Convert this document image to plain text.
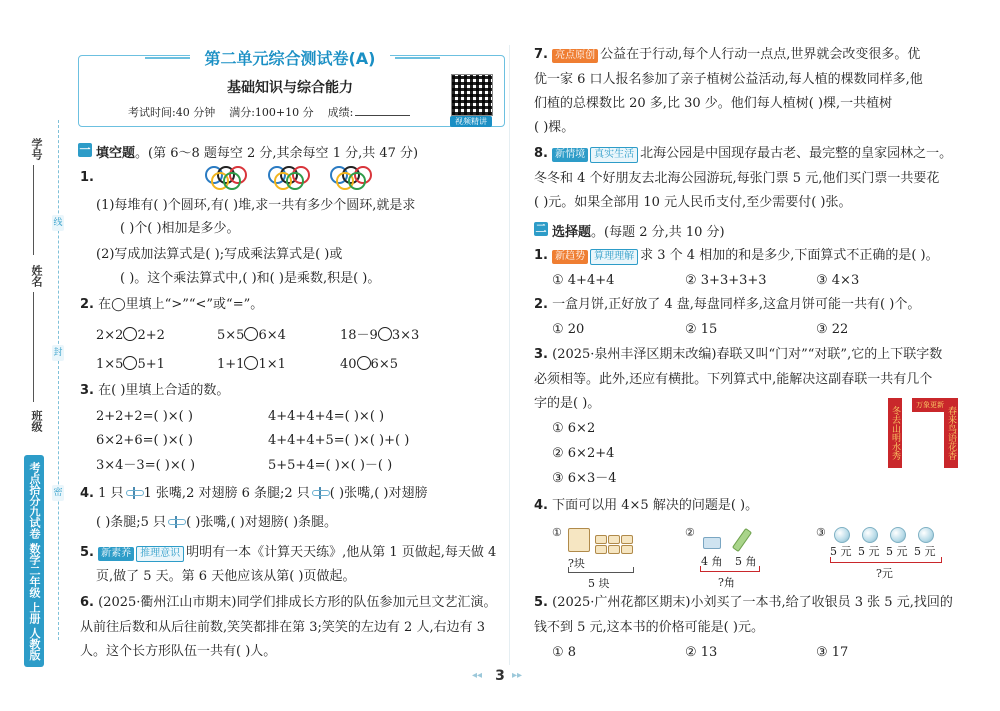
学号
姓名
班级
线
封
密
考点拾分九试卷 数学二年级 上册 人教版
第二单元综合测试卷(A)
基础知识与综合能力
考试时间:40 分钟 满分:100+10 分 成绩:
视频精讲
一 填空题。(第 6～8 题每空 2 分,其余每空 1 分,共 47 分)
1.
(1)每堆有( )个圆环,有( )堆,求一共有多少个圆环,就是求
( )个( )相加是多少。
(2)写成加法算式是( );写成乘法算式是( )或
( )。这个乘法算式中,( )和( )是乘数,积是( )。
2. 在◯里填上“>”“<”或“=”。
2×2 2+2	5×5 6×4	18－9 3×3
1×5 5+1	1+1 1×1	40 6×5
3. 在( )里填上合适的数。
2+2+2=( )×( )	4+4+4+4=( )×( )
6×2+6=( )×( )	4+4+4+5=( )×( )+( )
3×4－3=( )×( )	5+5+4=( )×( )－( )
4. 1 只 1 张嘴,2 对翅膀 6 条腿;2 只 ( )张嘴,( )对翅膀
( )条腿;5 只 ( )张嘴,( )对翅膀( )条腿。
5. 新素养 推理意识 明明有一本《计算天天练》,他从第 1 页做起,每天做 4
页,做了 5 天。第 6 天他应该从第( )页做起。
6. (2025·衢州江山市期末)同学们排成长方形的队伍参加元旦文艺汇演。
从前往后数和从后往前数,笑笑都排在第 3;笑笑的左边有 2 人,右边有 3
人。这个长方形队伍一共有( )人。
7. 亮点原创 公益在于行动,每个人行动一点点,世界就会改变很多。优
优一家 6 口人报名参加了亲子植树公益活动,每人植的棵数同样多,他
们植的总棵数比 20 多,比 30 少。他们每人植树( )棵,一共植树
( )棵。
8. 新情境 真实生活 北海公园是中国现存最古老、最完整的皇家园林之一。
冬冬和 4 个好朋友去北海公园游玩,每张门票 5 元,他们买门票一共要花
( )元。如果全部用 10 元人民币支付,至少需要付( )张。
二 选择题。(每题 2 分,共 10 分)
1. 新趋势 算理理解 求 3 个 4 相加的和是多少,下面算式不正确的是( )。
① 4+4+4	② 3+3+3+3	③ 4×3
2. 一盒月饼,正好放了 4 盘,每盘同样多,这盒月饼可能一共有( )个。
① 20	② 15	③ 22
3. (2025·泉州丰泽区期末改编)春联又叫“门对”“对联”,它的上下联字数
必须相等。此外,还应有横批。下列算式中,能解决这副春联一共有几个
字的是( )。
① 6×2
② 6×2+4
③ 6×3－4
冬去山明水秀
万象更新
春来鸟语花香
4. 下面可以用 4×5 解决的问题是( )。
①
?块
5 块
②
4 角 5 角
?角
③
5 元 5 元 5 元 5 元
?元
5. (2025·广州花都区期末)小刘买了一本书,给了收银员 3 张 5 元,找回的
钱不到 5 元,这本书的价格可能是( )元。
① 8	② 13	③ 17
◂◂ 3 ▸▸
